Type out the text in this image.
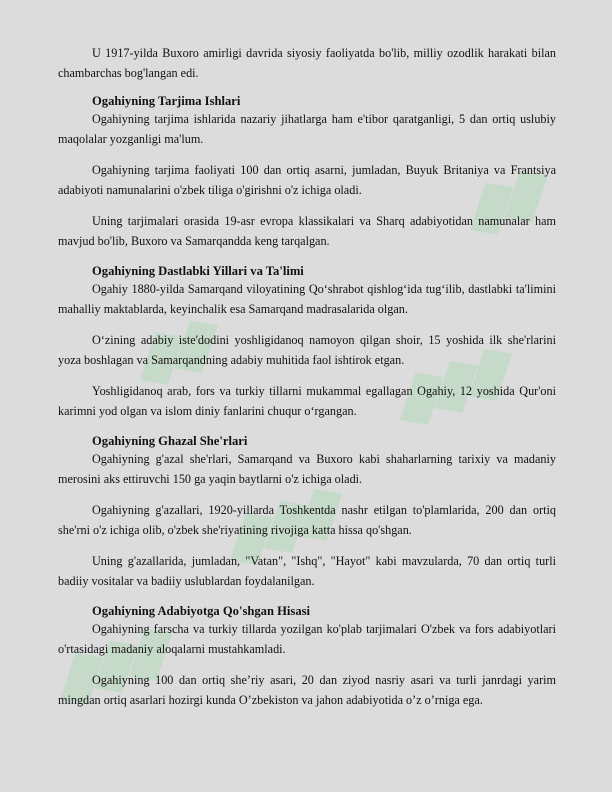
U 1917-yilda Buxoro amirligi davrida siyosiy faoliyatda bo'lib, milliy ozodlik harakati bilan chambarchas bog'langan edi.

Ogahiyning Tarjima Ishlari

Ogahiyning tarjima ishlarida nazariy jihatlarga ham e'tibor qaratganligi, 5 dan ortiq uslubiy maqolalar yozganligi ma'lum.

Ogahiyning tarjima faoliyati 100 dan ortiq asarni, jumladan, Buyuk Britaniya va Frantsiya adabiyoti namunalarini o'zbek tiliga o'girishni o'z ichiga oladi.

Uning tarjimalari orasida 19-asr evropa klassikalari va Sharq adabiyotidan namunalar ham mavjud bo'lib, Buxoro va Samarqandda keng tarqalgan.

Ogahiyning Dastlabki Yillari va Ta'limi

Ogahiy 1880-yilda Samarqand viloyatining Qo‘shrabot qishlog‘ida tug‘ilib, dastlabki ta'limini mahalliy maktablarda, keyinchalik esa Samarqand madrasalarida olgan.

O‘zining adabiy iste'dodini yoshligidanoq namoyon qilgan shoir, 15 yoshida ilk she'rlarini yoza boshlagan va Samarqandning adabiy muhitida faol ishtirok etgan.

Yoshligidanoq arab, fors va turkiy tillarni mukammal egallagan Ogahiy, 12 yoshida Qur'oni karimni yod olgan va islom diniy fanlarini chuqur o‘rgangan.

Ogahiyning Ghazal She'rlari

Ogahiyning g'azal she'rlari, Samarqand va Buxoro kabi shaharlarning tarixiy va madaniy merosini aks ettiruvchi 150 ga yaqin baytlarni o'z ichiga oladi.

Ogahiyning g'azallari, 1920-yillarda Toshkentda nashr etilgan to'plamlarida, 200 dan ortiq she'rni o'z ichiga olib, o'zbek she'riyatining rivojiga katta hissa qo'shgan.

Uning g'azallarida, jumladan, "Vatan", "Ishq", "Hayot" kabi mavzularda, 70 dan ortiq turli badiiy vositalar va badiiy uslublardan foydalanilgan.

Ogahiyning Adabiyotga Qo'shgan Hisasi

Ogahiyning farscha va turkiy tillarda yozilgan ko'plab tarjimalari O'zbek va fors adabiyotlari o'rtasidagi madaniy aloqalarni mustahkamladi.

Ogahiyning 100 dan ortiq she’riy asari, 20 dan ziyod nasriy asari va turli janrdagi yarim mingdan ortiq asarlari hozirgi kunda O’zbekiston va jahon adabiyotida o’z o’rniga ega.
